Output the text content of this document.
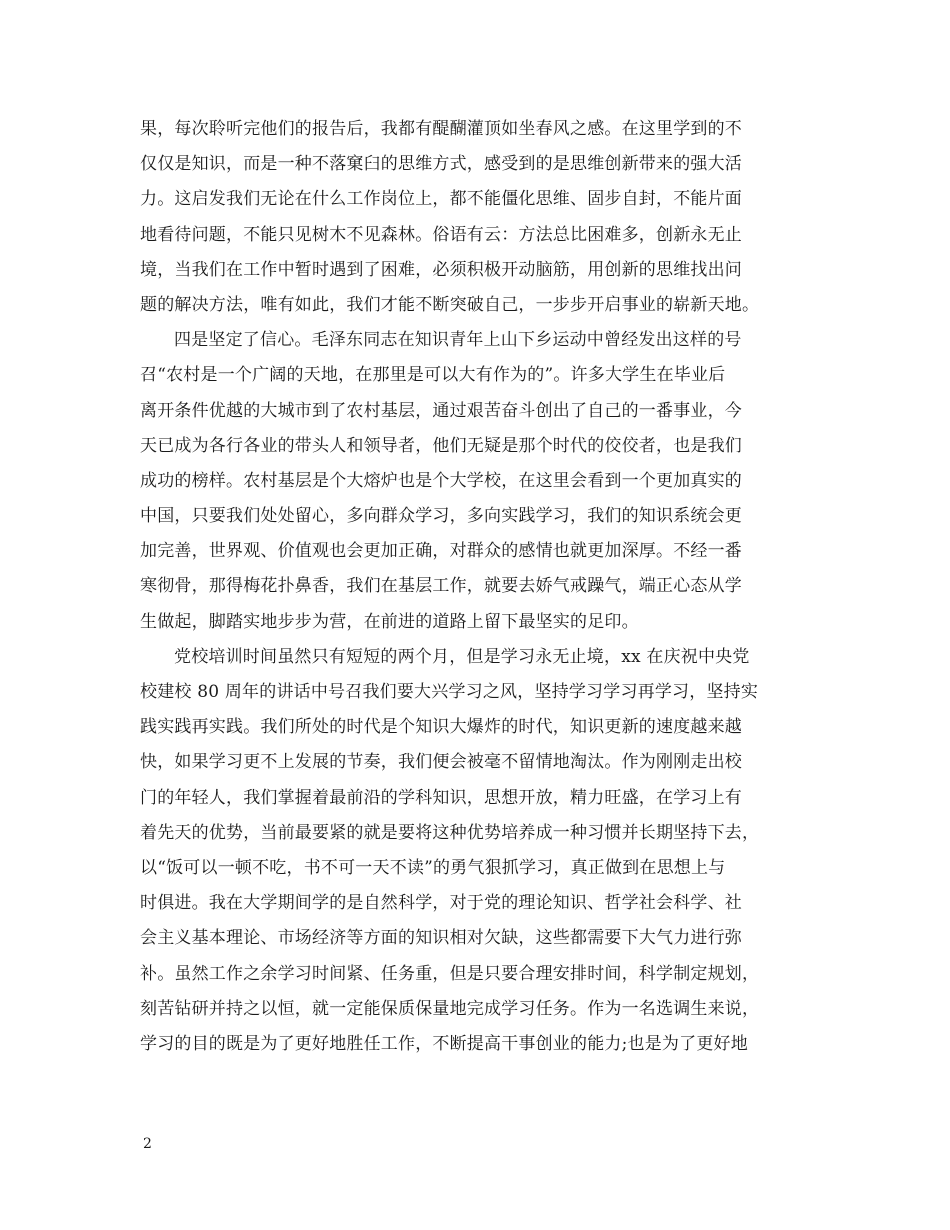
果，每次聆听完他们的报告后，我都有醍醐灌顶如坐春风之感。在这里学到的不
仅仅是知识，而是一种不落窠臼的思维方式，感受到的是思维创新带来的强大活
力。这启发我们无论在什么工作岗位上，都不能僵化思维、固步自封，不能片面
地看待问题，不能只见树木不见森林。俗语有云：方法总比困难多，创新永无止
境，当我们在工作中暂时遇到了困难，必须积极开动脑筋，用创新的思维找出问
题的解决方法，唯有如此，我们才能不断突破自己，一步步开启事业的崭新天地。
四是坚定了信心。毛泽东同志在知识青年上山下乡运动中曾经发出这样的号
召“农村是一个广阔的天地，在那里是可以大有作为的”。许多大学生在毕业后
离开条件优越的大城市到了农村基层，通过艰苦奋斗创出了自己的一番事业，今
天已成为各行各业的带头人和领导者，他们无疑是那个时代的佼佼者，也是我们
成功的榜样。农村基层是个大熔炉也是个大学校，在这里会看到一个更加真实的
中国，只要我们处处留心，多向群众学习，多向实践学习，我们的知识系统会更
加完善，世界观、价值观也会更加正确，对群众的感情也就更加深厚。不经一番
寒彻骨，那得梅花扑鼻香，我们在基层工作，就要去娇气戒躁气，端正心态从学
生做起，脚踏实地步步为营，在前进的道路上留下最坚实的足印。
党校培训时间虽然只有短短的两个月，但是学习永无止境，xx 在庆祝中央党
校建校 80 周年的讲话中号召我们要大兴学习之风，坚持学习学习再学习，坚持实
践实践再实践。我们所处的时代是个知识大爆炸的时代，知识更新的速度越来越
快，如果学习更不上发展的节奏，我们便会被毫不留情地淘汰。作为刚刚走出校
门的年轻人，我们掌握着最前沿的学科知识，思想开放，精力旺盛，在学习上有
着先天的优势，当前最要紧的就是要将这种优势培养成一种习惯并长期坚持下去，
以“饭可以一顿不吃，书不可一天不读”的勇气狠抓学习，真正做到在思想上与
时俱进。我在大学期间学的是自然科学，对于党的理论知识、哲学社会科学、社
会主义基本理论、市场经济等方面的知识相对欠缺，这些都需要下大气力进行弥
补。虽然工作之余学习时间紧、任务重，但是只要合理安排时间，科学制定规划，
刻苦钻研并持之以恒，就一定能保质保量地完成学习任务。作为一名选调生来说，
学习的目的既是为了更好地胜任工作，不断提高干事创业的能力;也是为了更好地
2
